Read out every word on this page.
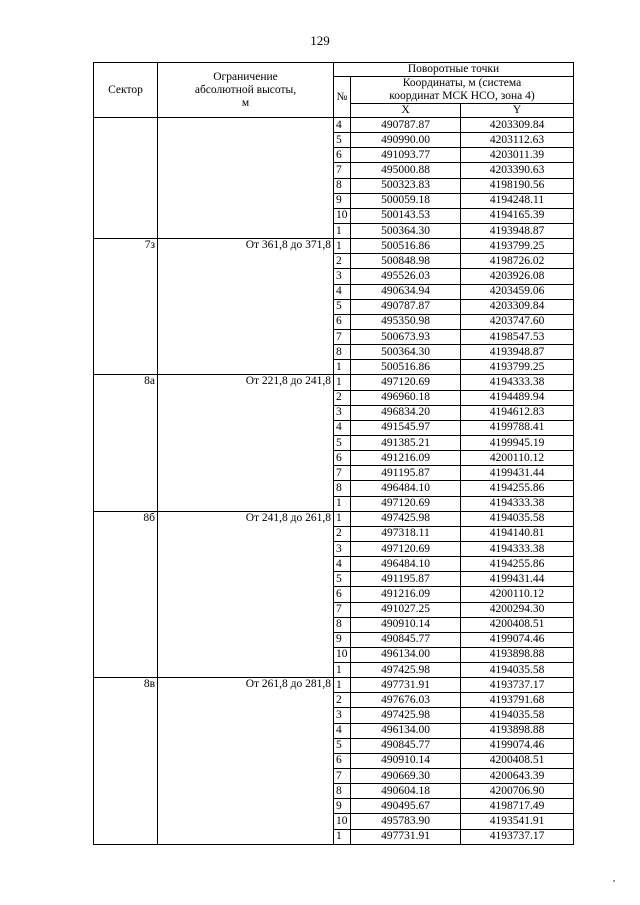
129
Сектор	Ограничение абсолютной высоты, м	Поворотные точки		
		№	Координаты, м (система координат МСК НСО, зона 4)	
			X	Y
		4	490787.87	4203309.84
		5	490990.00	4203112.63
		6	491093.77	4203011.39
		7	495000.88	4203390.63
		8	500323.83	4198190.56
		9	500059.18	4194248.11
		10	500143.53	4194165.39
		1	500364.30	4193948.87
7з	От 361,8 до 371,8	1	500516.86	4193799.25
		2	500848.98	4198726.02
		3	495526.03	4203926.08
		4	490634.94	4203459.06
		5	490787.87	4203309.84
		6	495350.98	4203747.60
		7	500673.93	4198547.53
		8	500364.30	4193948.87
		1	500516.86	4193799.25
8а	От 221,8 до 241,8	1	497120.69	4194333.38
		2	496960.18	4194489.94
		3	496834.20	4194612.83
		4	491545.97	4199788.41
		5	491385.21	4199945.19
		6	491216.09	4200110.12
		7	491195.87	4199431.44
		8	496484.10	4194255.86
		1	497120.69	4194333.38
8б	От 241,8 до 261,8	1	497425.98	4194035.58
		2	497318.11	4194140.81
		3	497120.69	4194333.38
		4	496484.10	4194255.86
		5	491195.87	4199431.44
		6	491216.09	4200110.12
		7	491027.25	4200294.30
		8	490910.14	4200408.51
		9	490845.77	4199074.46
		10	496134.00	4193898.88
		1	497425.98	4194035.58
8в	От 261,8 до 281,8	1	497731.91	4193737.17
		2	497676.03	4193791.68
		3	497425.98	4194035.58
		4	496134.00	4193898.88
		5	490845.77	4199074.46
		6	490910.14	4200408.51
		7	490669.30	4200643.39
		8	490604.18	4200706.90
		9	490495.67	4198717.49
		10	495783.90	4193541.91
		1	497731.91	4193737.17
